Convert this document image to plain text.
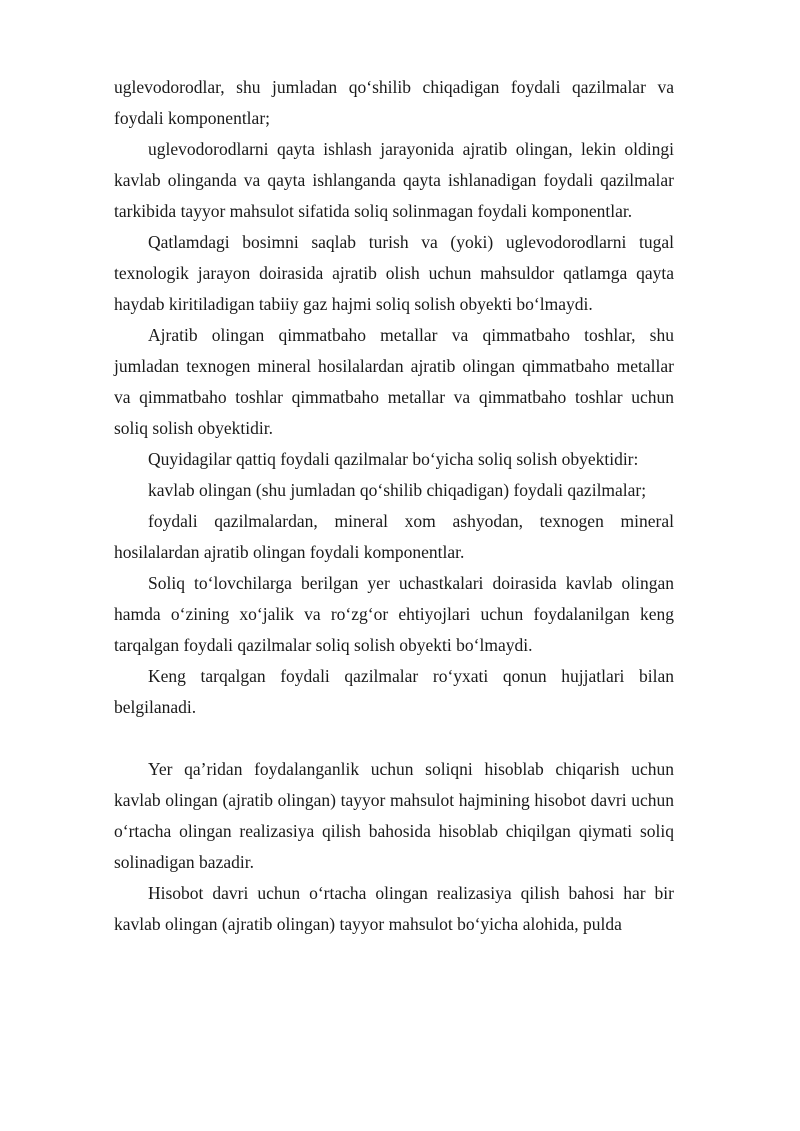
uglevodorodlar, shu jumladan qoʻshilib chiqadigan foydali qazilmalar va foydali komponentlar;

uglevodorodlarni qayta ishlash jarayonida ajratib olingan, lekin oldingi kavlab olinganda va qayta ishlanganda qayta ishlanadigan foydali qazilmalar tarkibida tayyor mahsulot sifatida soliq solinmagan foydali komponentlar.

Qatlamdagi bosimni saqlab turish va (yoki) uglevodorodlarni tugal texnologik jarayon doirasida ajratib olish uchun mahsuldor qatlamga qayta haydab kiritiladigan tabiiy gaz hajmi soliq solish obyekti boʻlmaydi.

Ajratib olingan qimmatbaho metallar va qimmatbaho toshlar, shu jumladan texnogen mineral hosilalardan ajratib olingan qimmatbaho metallar va qimmatbaho toshlar qimmatbaho metallar va qimmatbaho toshlar uchun soliq solish obyektidir.

Quyidagilar qattiq foydali qazilmalar boʻyicha soliq solish obyektidir:

kavlab olingan (shu jumladan qoʻshilib chiqadigan) foydali qazilmalar;

foydali qazilmalardan, mineral xom ashyodan, texnogen mineral hosilalardan ajratib olingan foydali komponentlar.

Soliq toʻlovchilarga berilgan yer uchastkalari doirasida kavlab olingan hamda oʻzining xoʻjalik va roʻzgʻor ehtiyojlari uchun foydalanilgan keng tarqalgan foydali qazilmalar soliq solish obyekti boʻlmaydi.

Keng tarqalgan foydali qazilmalar roʻyxati qonun hujjatlari bilan belgilanadi.

Yer qaʼridan foydalanganlik uchun soliqni hisoblab chiqarish uchun kavlab olingan (ajratib olingan) tayyor mahsulot hajmining hisobot davri uchun oʻrtacha olingan realizasiya qilish bahosida hisoblab chiqilgan qiymati soliq solinadigan bazadir.

Hisobot davri uchun oʻrtacha olingan realizasiya qilish bahosi har bir kavlab olingan (ajratib olingan) tayyor mahsulot boʻyicha alohida, pulda
